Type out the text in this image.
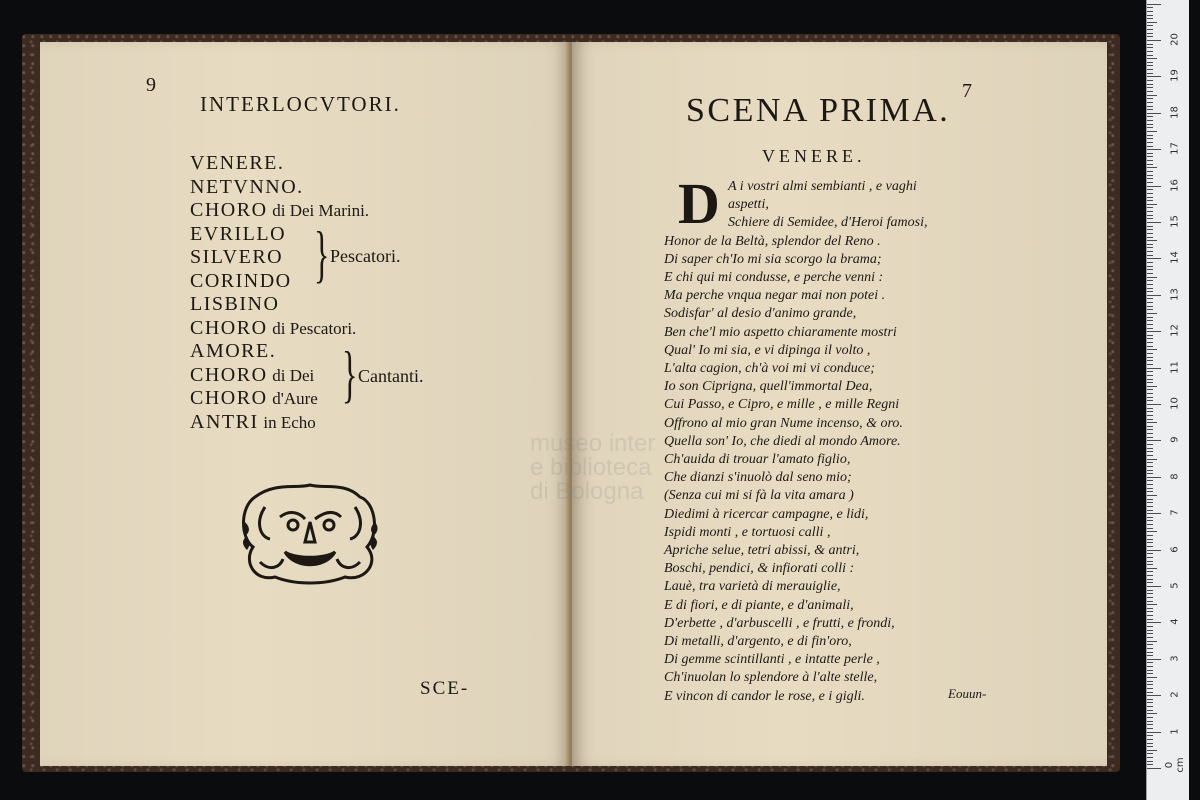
9
INTERLOCVTORI.
VENERE.
NETVNNO.
CHORO di Dei Marini.
EVRILLO
SILVERO
CORINDO
LISBINO
CHORO di Pescatori.
AMORE.
CHORO di Dei
CHORO d'Aure
ANTRI in Echo
} Pescatori.
} Cantanti.
SCE-
7
SCENA PRIMA.
VENERE.
D A i vostri almi sembianti , e vaghi
aspetti,
Schiere di Semidee, d'Heroi famosi,
Honor de la Beltà, splendor del Reno .
Di saper ch'Io mi sia scorgo la brama;
E chi qui mi condusse, e perche venni :
Ma perche vnqua negar mai non potei .
Sodisfar' al desio d'animo grande,
Ben che'l mio aspetto chiaramente mostri
Qual' Io mi sia, e vi dipinga il volto ,
L'alta cagion, ch'à voi mi vi conduce;
Io son Ciprigna, quell'immortal Dea,
Cui Passo, e Cipro, e mille , e mille Regni
Offrono al mio gran Nume incenso, & oro.
Quella son' Io, che diedi al mondo Amore.
Ch'auida di trouar l'amato figlio,
Che dianzi s'inuolò dal seno mio;
(Senza cui mi si fà la vita amara )
Diedimi à ricercar campagne, e lidi,
Ispidi monti , e tortuosi calli ,
Apriche selue, tetri abissi, & antri,
Boschi, pendici, & infiorati colli :
Lauè, tra varietà di merauiglie,
E di fiori, e di piante, e d'animali,
D'erbette , d'arbuscelli , e frutti, e frondi,
Di metalli, d'argento, e di fin'oro,
Di gemme scintillanti , e intatte perle ,
Ch'inuolan lo splendore à l'alte stelle,
E vincon di candor le rose, e i gigli.	Eouun-
museo inter
e biblioteca
di Bologna
0 cm
1
2
3
4
5
6
7
8
9
10
11
12
13
14
15
16
17
18
19
20
